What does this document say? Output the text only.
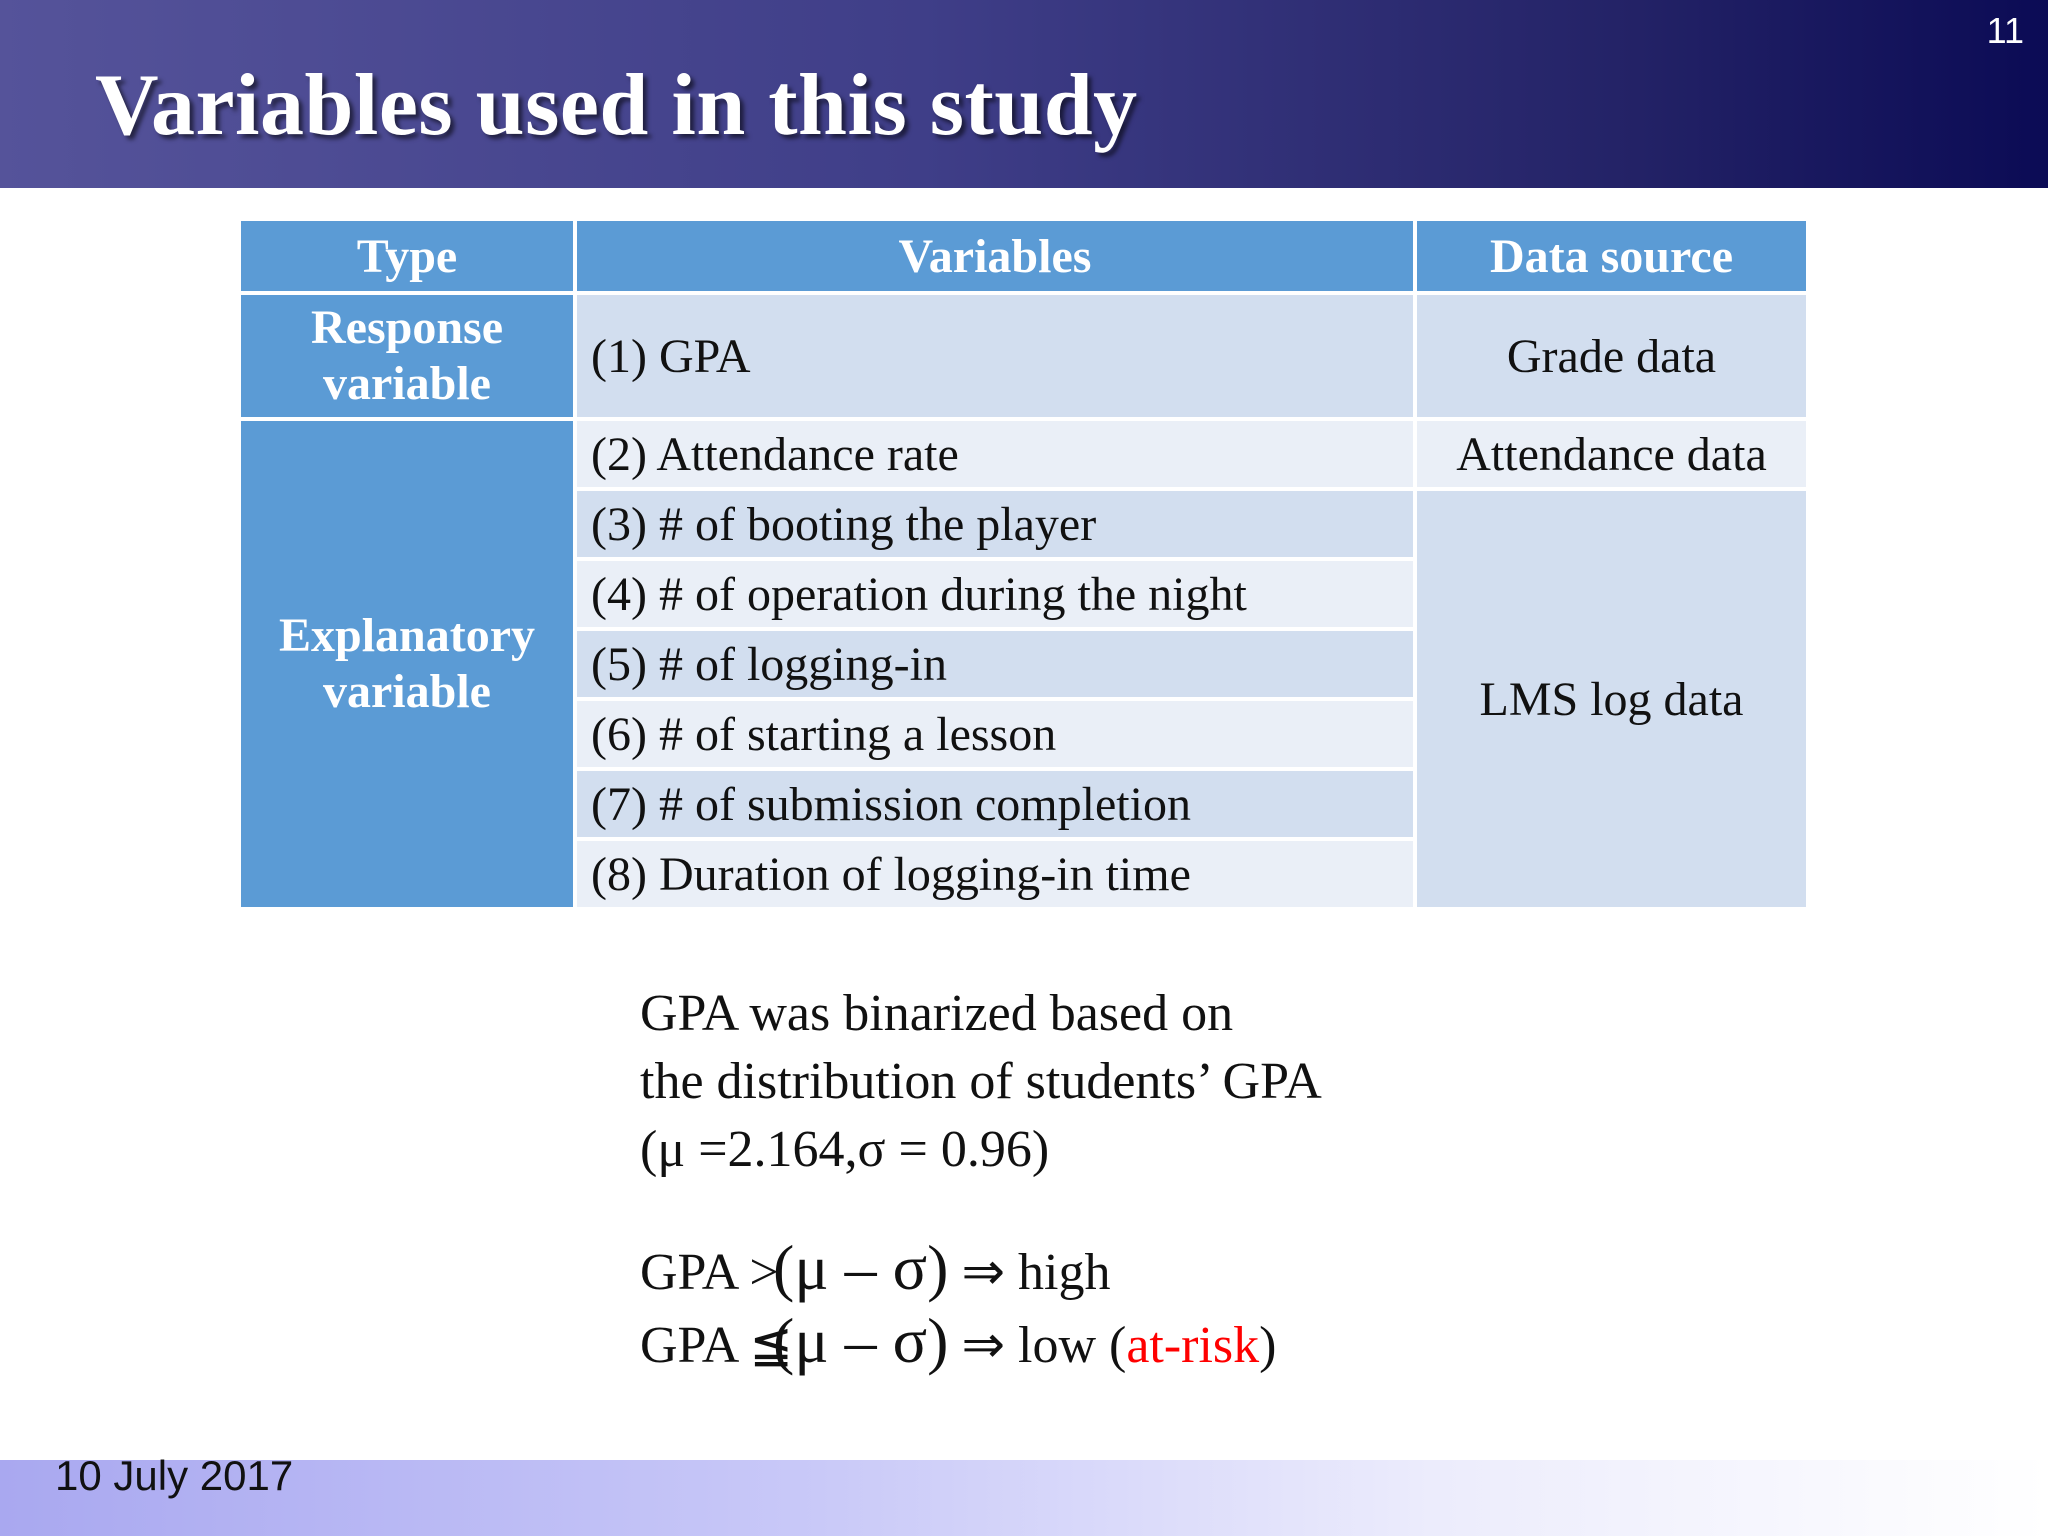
Variables used in this study
11
Type	Variables	Data source
Response
variable	(1) GPA	Grade data
Explanatory
variable	(2) Attendance rate	Attendance data
	(3) # of booting the player	LMS log data
	(4) # of operation during the night	
	(5) # of logging-in	
	(6) # of starting a lesson	
	(7) # of submission completion	
	(8) Duration of logging-in time	
GPA was binarized based on
the distribution of students’ GPA
(μ =2.164,σ = 0.96)
GPA > (μ – σ) ⇒ high
GPA ≦ (μ – σ) ⇒ low (at-risk)
10 July 2017
